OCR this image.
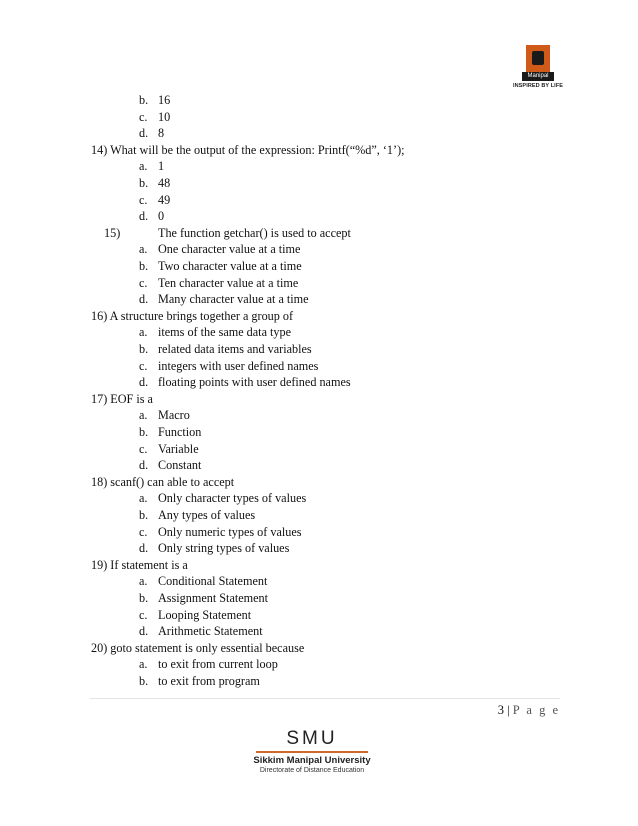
Manipal
INSPIRED BY LIFE
b. 16
c. 10
d. 8
14) What will be the output of the expression: Printf(“%d”, ‘1’);
a. 1
b. 48
c. 49
d. 0
15)	The function getchar() is used to accept
a. One character value at a time
b. Two character value at a time
c. Ten character value at a time
d. Many character value at a time
16) A structure brings together a group of
a. items of the same data type
b. related data items and variables
c. integers with user defined names
d. floating points with user defined names
17) EOF is a
a. Macro
b. Function
c. Variable
d. Constant
18) scanf() can able to accept
a. Only character types of values
b. Any types of values
c. Only numeric types of values
d. Only string types of values
19) If statement is a
a. Conditional Statement
b. Assignment Statement
c. Looping Statement
d. Arithmetic Statement
20) goto statement is only essential because
a. to exit from current loop
b. to exit from program
3 | P a g e
SMU
Sikkim Manipal University
Directorate of Distance Education
